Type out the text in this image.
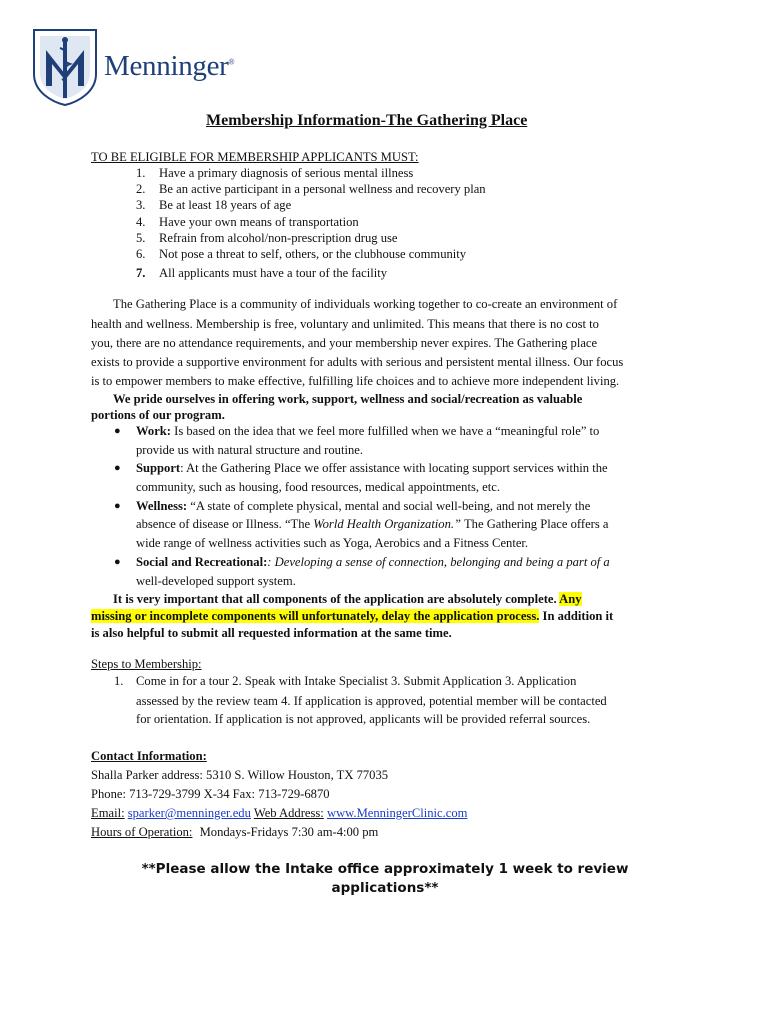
Menninger®
Membership Information-The Gathering Place
TO BE ELIGIBLE FOR MEMBERSHIP APPLICANTS MUST:
1. Have a primary diagnosis of serious mental illness
2. Be an active participant in a personal wellness and recovery plan
3. Be at least 18 years of age
4. Have your own means of transportation
5. Refrain from alcohol/non-prescription drug use
6. Not pose a threat to self, others, or the clubhouse community
7. All applicants must have a tour of the facility
The Gathering Place is a community of individuals working together to co-create an environment of
health and wellness. Membership is free, voluntary and unlimited. This means that there is no cost to
you, there are no attendance requirements, and your membership never expires. The Gathering place
exists to provide a supportive environment for adults with serious and persistent mental illness. Our focus
is to empower members to make effective, fulfilling life choices and to achieve more independent living.
We pride ourselves in offering work, support, wellness and social/recreation as valuable
portions of our program.
● Work: Is based on the idea that we feel more fulfilled when we have a “meaningful role” to
provide us with natural structure and routine.
● Support: At the Gathering Place we offer assistance with locating support services within the
community, such as housing, food resources, medical appointments, etc.
● Wellness: “A state of complete physical, mental and social well-being, and not merely the
absence of disease or Illness. “The World Health Organization.” The Gathering Place offers a
wide range of wellness activities such as Yoga, Aerobics and a Fitness Center.
● Social and Recreational:: Developing a sense of connection, belonging and being a part of a
well-developed support system.
It is very important that all components of the application are absolutely complete. Any
missing or incomplete components will unfortunately, delay the application process. In addition it
is also helpful to submit all requested information at the same time.
Steps to Membership:
1. Come in for a tour 2. Speak with Intake Specialist 3. Submit Application 3. Application
assessed by the review team 4. If application is approved, potential member will be contacted
for orientation. If application is not approved, applicants will be provided referral sources.
Contact Information:
Shalla Parker address: 5310 S. Willow Houston, TX 77035
Phone: 713-729-3799 X-34 Fax: 713-729-6870
Email: sparker@menninger.edu Web Address: www.MenningerClinic.com
Hours of Operation: Mondays-Fridays 7:30 am-4:00 pm
**Please allow the Intake office approximately 1 week to review
applications**
